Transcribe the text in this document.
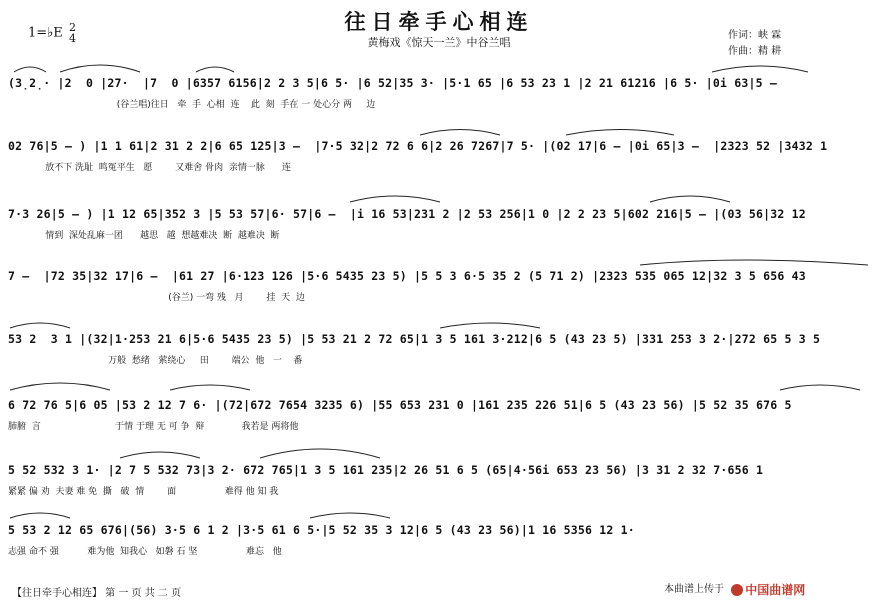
往日牵手心相连
黄梅戏《惊天一兰》中谷兰唱
1=♭E 2
4	作词：峡 霖
作曲：精 耕
(3̣2̣· |2  0 |27·  |7  0 |6357 6156|2 2 3 5|6 5· |6 52|35 3· |5·1 65 |6 53 23 1 |2 21 61216 |6 5· |0i 63|5 –
(谷兰唱)往日   牵  手  心相  连    此  刻  手在 一 处心分 两     边
02 76|5 – ) |1 1 61|2 31 2 2|6 65 125|3 –  |7·5 32|2 72 6 6|2 26 7267|7 5· |(02 17|6 – |0i 65|3 –  |2323 52 |3432 1
放不下 洗耻  鸣冤平生   愿        又难舍 骨肉  亲情一脉      连
7·3 26|5 – ) |1 12 65|352 3 |5 53 57|6· 57|6 –  |i 16 53|231 2 |2 53 256|1 0 |2 2 23 5|602 216|5 – |(03 56|32 12
情到  深处乱麻一团      越思   越  想越难决  断  越难决  断
7 –  |72 35|32 17|6 –  |61 27 |6·123 126 |5·6 5435 23 5) |5 5 3 6·5 35 2 (5 71 2) |2323 535 065 12|32 3 5 656 43
(谷兰) 一弯 残   月        挂  天  边
53 2  3 1 |(32|1·253 21 6|5·6 5435 23 5) |5 53 21 2 72 65|1 3 5 161 3·212|6 5 (43 23 5) |331 253 3 2·|272 65 5 3 5
万般  愁绪   萦绕心     田        端公  他   一    番
6 72 76 5|6 05 |53 2 12 7 6· |(72|672 7654 3235 6) |55 653 231 0 |161 235 226 51|6 5 (43 23 56) |5 52 35 676 5
肺腑  言                          于情 于理 无 可 争  辩             我若是 两将他
5 52 532 3 1· |2 7 5 532 73|3 2· 672 765|1 3 5 161 235|2 26 51 6 5 (65|4·56i 653 23 56) |3 31 2 32 7·656 1
紧紧 偏 劝  夫妻 难 免  撕   破  情        面                 难得 他 知 我
5 53 2 12 65 676|(56) 3·5 6 1 2 |3·5 61 6 5·|5 52 35 3 12|6 5 (43 23 56)|1 16 5356 12 1·
志强 命不 强          难为他  知我心   如磐 石 坚                 难忘   他
【往日牵手心相连】 第 一 页 共 二 页	本曲谱上传于 中国曲谱网
